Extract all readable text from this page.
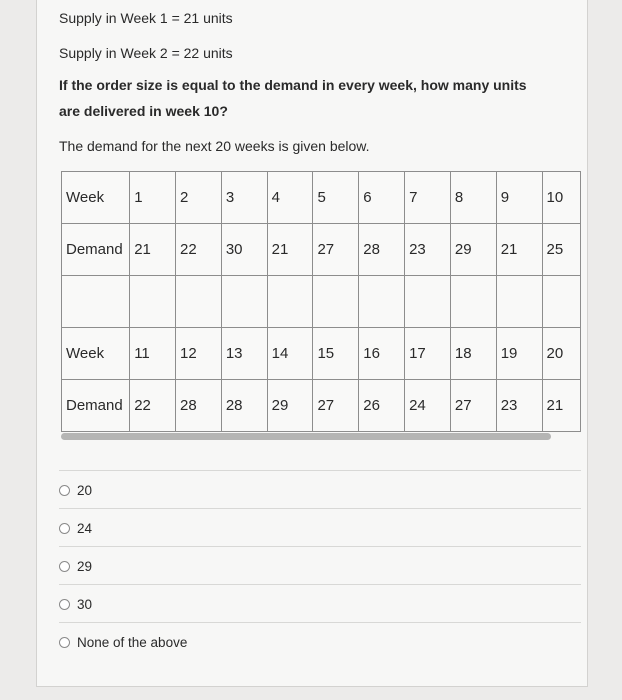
Supply in Week 1 = 21 units

Supply in Week 2 = 22 units

If the order size is equal to the demand in every week, how many units

are delivered in week 10?

The demand for the next 20 weeks is given below.

Week	1	2	3	4	5	6	7	8	9	10
Demand	21	22	30	21	27	28	23	29	21	25

Week	11	12	13	14	15	16	17	18	19	20
Demand	22	28	28	29	27	26	24	27	23	21
20
24
29
30
None of the above
